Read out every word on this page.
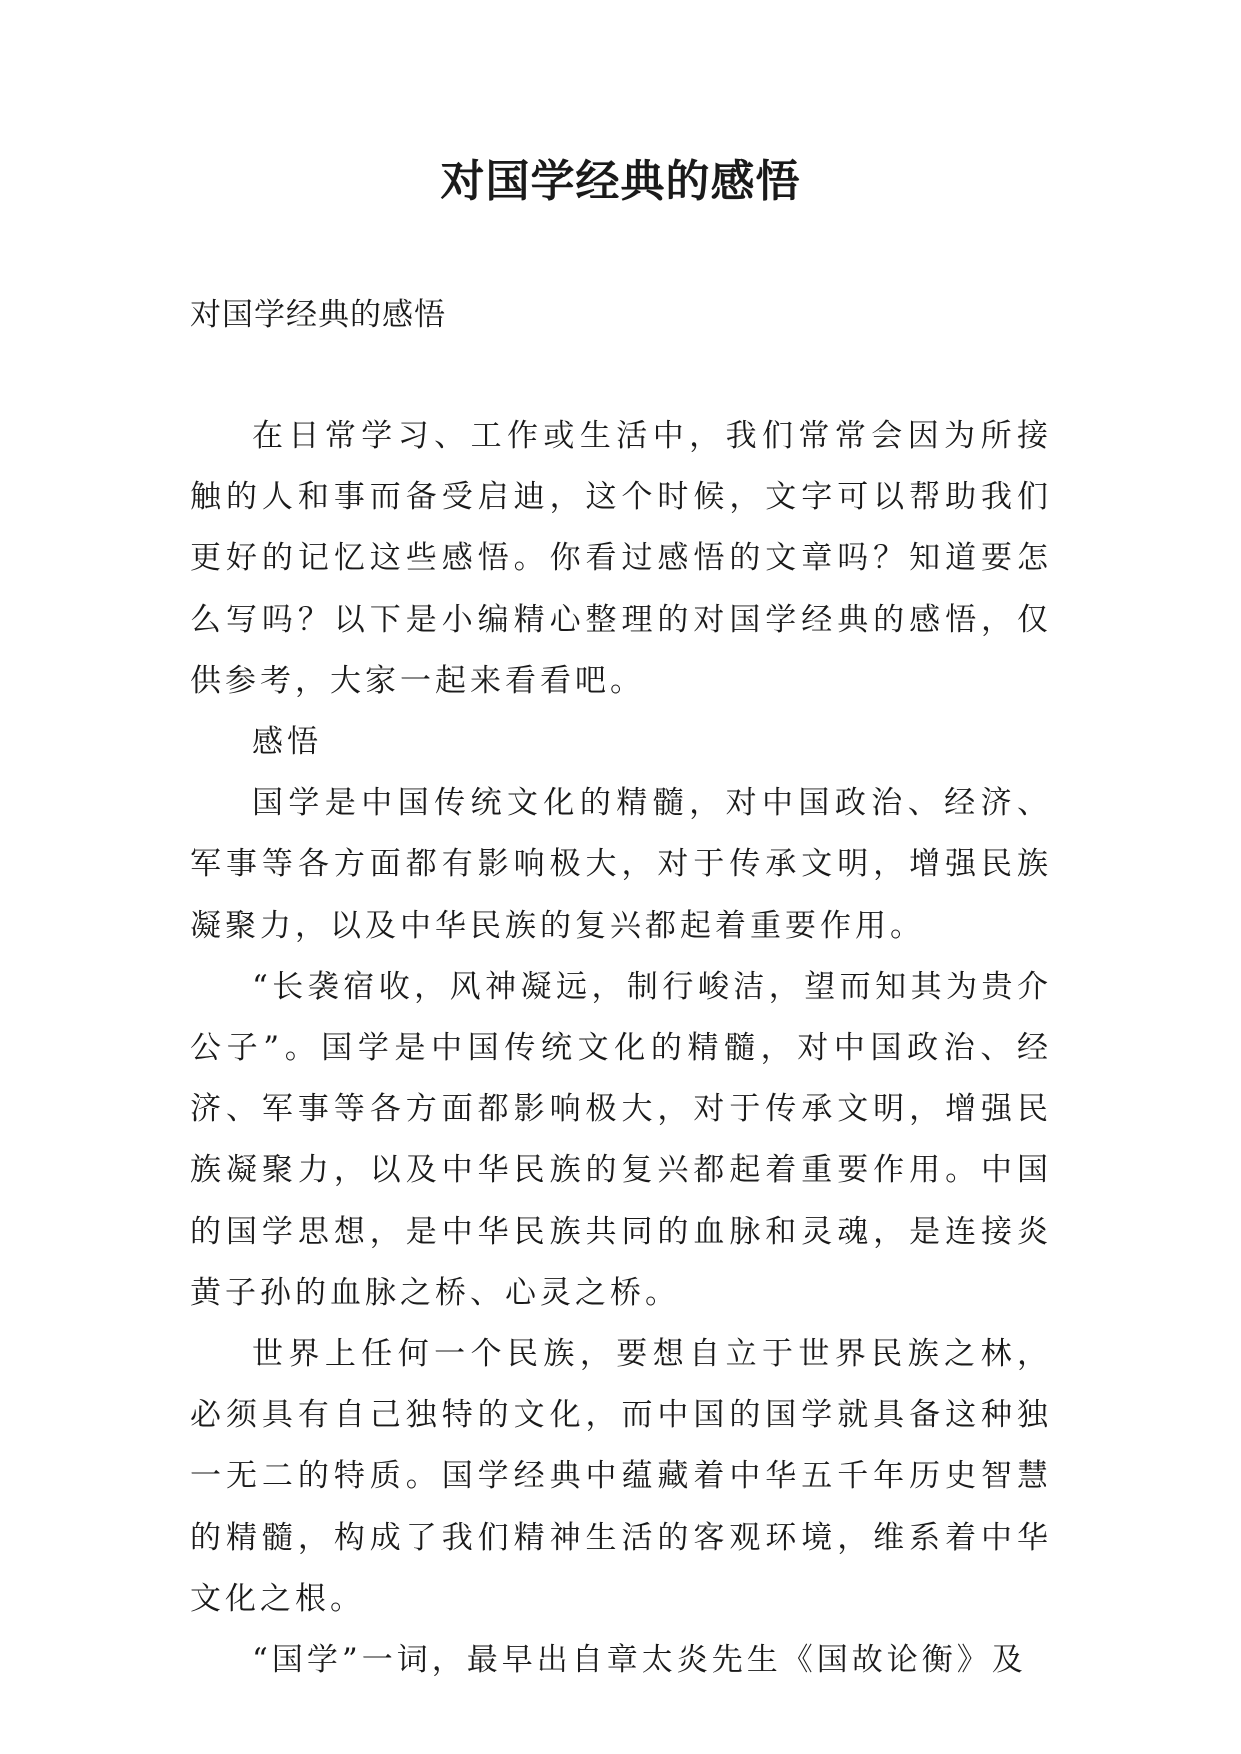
对国学经典的感悟

对国学经典的感悟

在日常学习、工作或生活中，我们常常会因为所接触的人和事而备受启迪，这个时候，文字可以帮助我们更好的记忆这些感悟。你看过感悟的文章吗？知道要怎么写吗？以下是小编精心整理的对国学经典的感悟，仅供参考，大家一起来看看吧。

感悟

国学是中国传统文化的精髓，对中国政治、经济、军事等各方面都有影响极大，对于传承文明，增强民族凝聚力，以及中华民族的复兴都起着重要作用。

“长袭宿收，风神凝远，制行峻洁，望而知其为贵介公子”。国学是中国传统文化的精髓，对中国政治、经济、军事等各方面都影响极大，对于传承文明，增强民族凝聚力，以及中华民族的复兴都起着重要作用。中国的国学思想，是中华民族共同的血脉和灵魂，是连接炎黄子孙的血脉之桥、心灵之桥。

世界上任何一个民族，要想自立于世界民族之林，必须具有自己独特的文化，而中国的国学就具备这种独一无二的特质。国学经典中蕴藏着中华五千年历史智慧的精髓，构成了我们精神生活的客观环境，维系着中华文化之根。

“国学”一词，最早出自章太炎先生《国故论衡》及
